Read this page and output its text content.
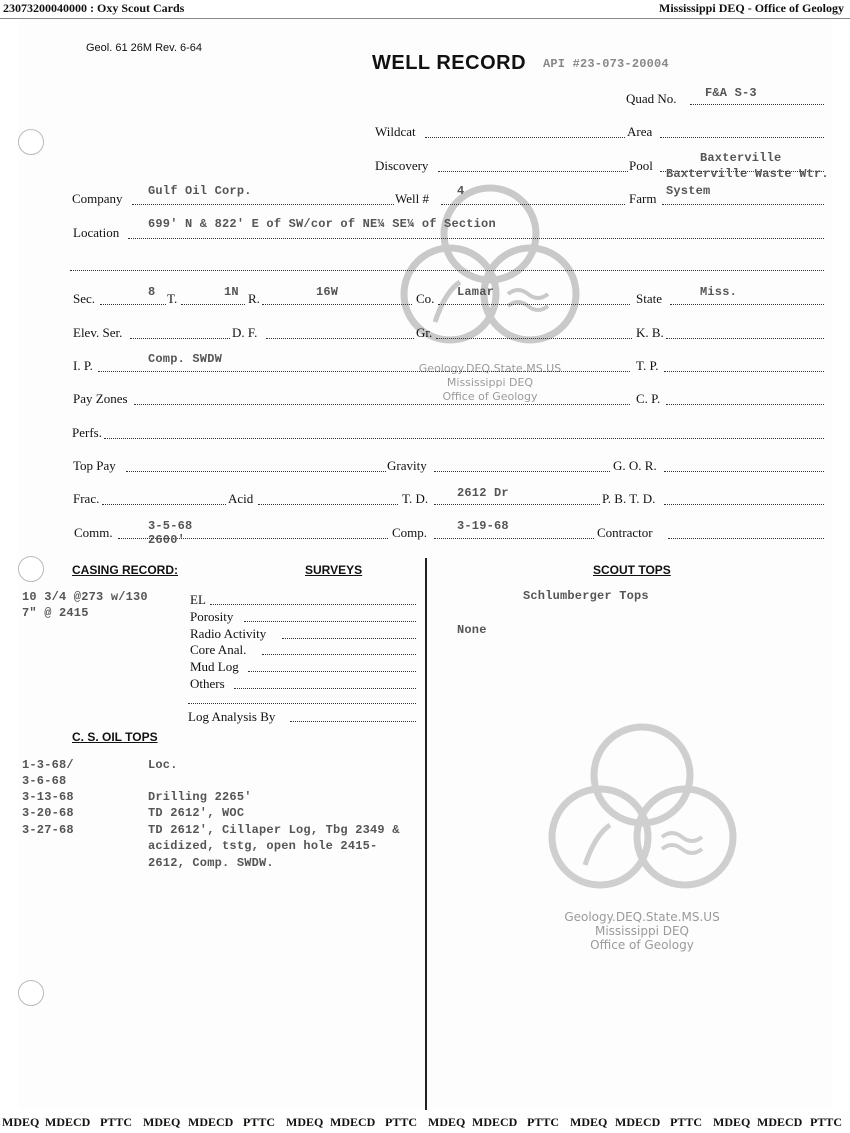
23073200040000 : Oxy Scout Cards	Mississippi DEQ - Office of Geology
Geology.DEQ.State.MS.US
Mississippi DEQ
Office of Geology
Geology.DEQ.State.MS.US
Mississippi DEQ
Office of Geology
Geol. 61 26M Rev. 6-64
WELL RECORD API #23-073-20004
Quad No. F&A S-3
Wildcat	Area
Discovery	Pool	Baxterville
Baxterville Waste Wtr.
Company Gulf Oil Corp.	Well # 4	Farm System
Location
699' N & 822' E of SW/cor of NE¼ SE¼ of Section
Sec.	8 T.	1N R.	16W	Co. Lamar	State	Miss.
Elev. Ser.	D. F.	Gr.	K. B.
I. P.	Comp. SWDW	T. P.
Pay Zones	C. P.
Perfs.
Top Pay	Gravity	G. O. R.
Frac.	Acid	T. D. 2612 Dr	P. B. T. D.
Comm.	3-5-68
2600'	Comp. 3-19-68	Contractor
CASING RECORD:
10 3/4 @273 w/130
7" @ 2415
SURVEYS
EL
Porosity
Radio Activity
Core Anal.
Mud Log
Others
Log Analysis By
SCOUT TOPS
Schlumberger Tops
None
C. S. OIL TOPS
1-3-68/	Loc.
3-6-68
3-13-68	Drilling 2265'
3-20-68	TD 2612', WOC
3-27-68	TD 2612', Cillaper Log, Tbg 2349 &
acidized, tstg, open hole 2415-
2612, Comp. SWDW.
MDEQ MDECD PTTC MDEQ MDECD PTTC MDEQ MDECD PTTC MDEQ MDECD PTTC MDEQ MDECD PTTC MDEQ MDECD PTTC
